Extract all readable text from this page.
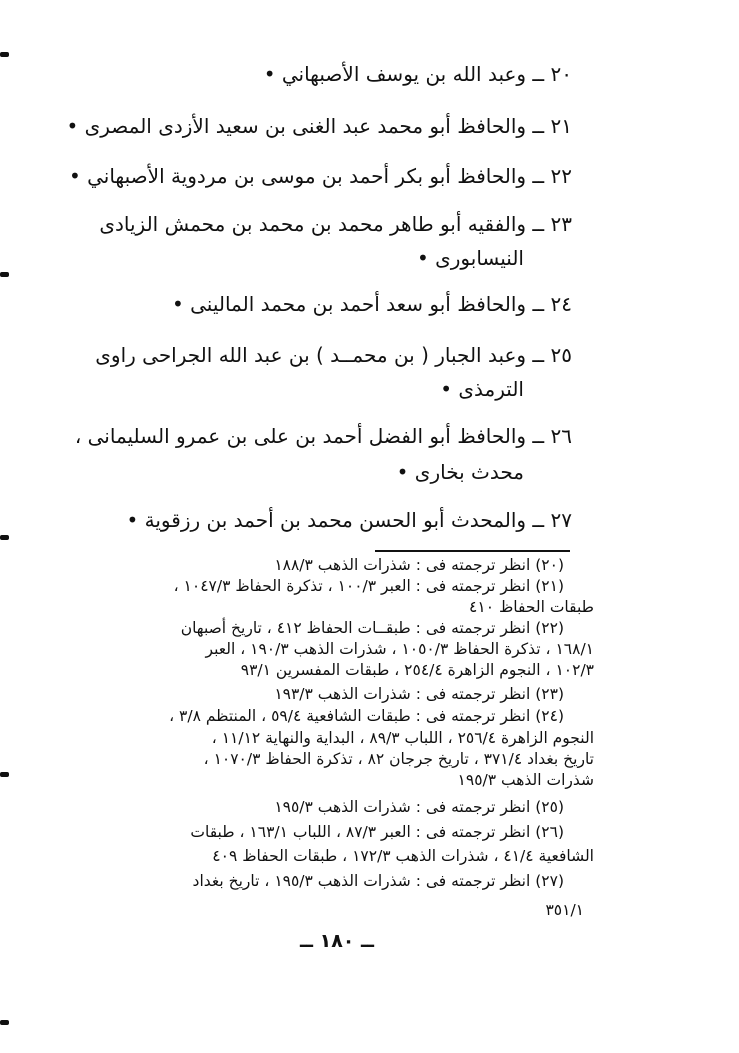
٢٠ ــ وعبد الله بن يوسف الأصبهاني •
٢١ ــ والحافظ أبو محمد عبد الغنى بن سعيد الأزدى المصرى •
٢٢ ــ والحافظ أبو بكر أحمد بن موسى بن مردوية الأصبهاني •
٢٣ ــ والفقيه أبو طاهر محمد بن محمد بن محمش الزيادى
النيسابورى •
٢٤ ــ والحافظ أبو سعد أحمد بن محمد المالينى •
٢٥ ــ وعبد الجبار ( بن محمــد ) بن عبد الله الجراحى راوى
الترمذى •
٢٦ ــ والحافظ أبو الفضل أحمد بن على بن عمرو السليمانى ،
محدث بخارى •
٢٧ ــ والمحدث أبو الحسن محمد بن أحمد بن رزقوية •
(٢٠) انظر ترجمته فى : شذرات الذهب ١٨٨/٣
(٢١) انظر ترجمته فى : العبر ١٠٠/٣ ، تذكرة الحفاظ ١٠٤٧/٣ ،
طبقات الحفاظ ٤١٠
(٢٢) انظر ترجمته فى : طبقــات الحفاظ ٤١٢ ، تاريخ أصبهان
١٦٨/١ ، تذكرة الحفاظ ١٠٥٠/٣ ، شذرات الذهب ١٩٠/٣ ، العبر
١٠٢/٣ ، النجوم الزاهرة ٢٥٤/٤ ، طبقات المفسرين ٩٣/١
(٢٣) انظر ترجمته فى : شذرات الذهب ١٩٣/٣
(٢٤) انظر ترجمته فى : طبقات الشافعية ٥٩/٤ ، المنتظم ٣/٨ ،
النجوم الزاهرة ٢٥٦/٤ ، اللباب ٨٩/٣ ، البداية والنهاية ١١/١٢ ،
تاريخ بغداد ٣٧١/٤ ، تاريخ جرجان ٨٢ ، تذكرة الحفاظ ١٠٧٠/٣ ،
شذرات الذهب ١٩٥/٣
(٢٥) انظر ترجمته فى : شذرات الذهب ١٩٥/٣
(٢٦) انظر ترجمته فى : العبر ٨٧/٣ ، اللباب ١٦٣/١ ، طبقات
الشافعية ٤١/٤ ، شذرات الذهب ١٧٢/٣ ، طبقات الحفاظ ٤٠٩
(٢٧) انظر ترجمته فى : شذرات الذهب ١٩٥/٣ ، تاريخ بغداد
٣٥١/١
ــ ١٨٠ ــ
